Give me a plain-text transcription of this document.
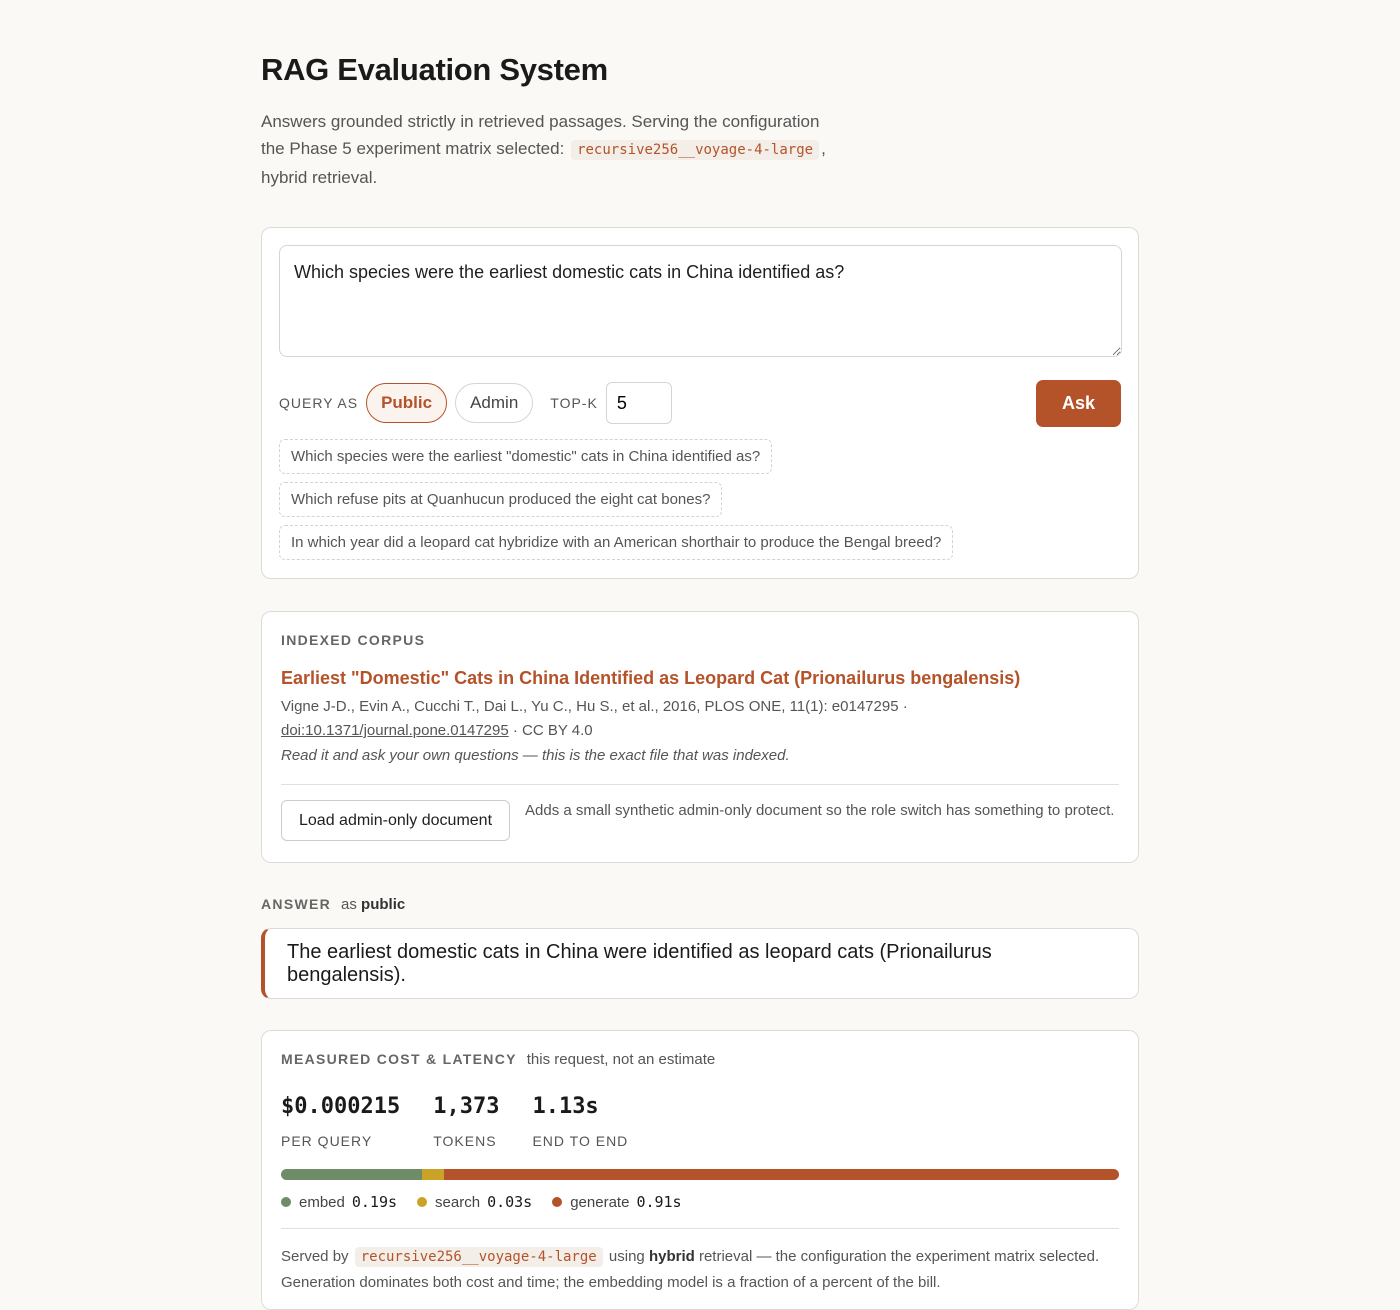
RAG Evaluation System

Answers grounded strictly in retrieved passages. Serving the configuration the Phase 5 experiment matrix selected: recursive256__voyage-4-large ,
hybrid retrieval.

Which species were the earliest domestic cats in China identified as?
QUERY AS	Public	Admin	TOP-K
5	Ask
Which species were the earliest "domestic" cats in China identified as?
Which refuse pits at Quanhucun produced the eight cat bones?
In which year did a leopard cat hybridize with an American shorthair to produce the Bengal breed?
INDEXED CORPUS
Earliest "Domestic" Cats in China Identified as Leopard Cat (Prionailurus bengalensis)
Vigne J-D., Evin A., Cucchi T., Dai L., Yu C., Hu S., et al., 2016, PLOS ONE, 11(1): e0147295 ·
doi:10.1371/journal.pone.0147295 · CC BY 4.0
Read it and ask your own questions — this is the exact file that was indexed.
Load admin-only document
Adds a small synthetic admin-only document so the role switch has something to protect.
ANSWER as public
The earliest domestic cats in China were identified as leopard cats (Prionailurus bengalensis).
MEASURED COST & LATENCY this request, not an estimate
$0.000215
PER QUERY
1,373
TOKENS
1.13s
END TO END
embed 0.19s	search 0.03s	generate 0.91s
Served by recursive256__voyage-4-large using hybrid retrieval — the configuration the experiment matrix selected.
Generation dominates both cost and time; the embedding model is a fraction of a percent of the bill.
